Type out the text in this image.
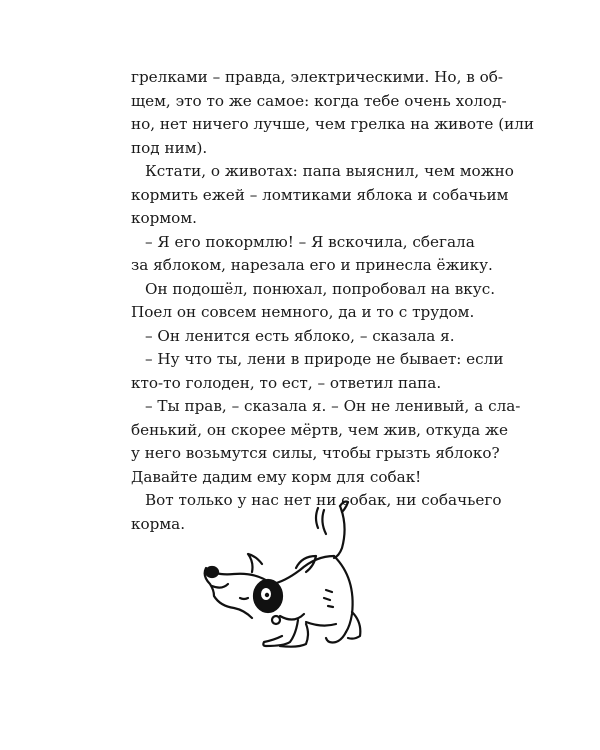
грелками – правда, электрическими. Но, в об-
щем, это то же самое: когда тебе очень холод-
но, нет ничего лучше, чем грелка на животе (или
под ним).

Кстати, о животах: папа выяснил, чем можно
кормить ежей – ломтиками яблока и собачьим
кормом.

– Я его покормлю! – Я вскочила, сбегала
за яблоком, нарезала его и принесла ёжику.

Он подошёл, понюхал, попробовал на вкус.
Поел он совсем немного, да и то с трудом.

– Он ленится есть яблоко, – сказала я.

– Ну что ты, лени в природе не бывает: если
кто-то голоден, то ест, – ответил папа.

– Ты прав, – сказала я. – Он не ленивый, а сла-
бенький, он скорее мёртв, чем жив, откуда же
у него возьмутся силы, чтобы грызть яблоко?
Давайте дадим ему корм для собак!

Вот только у нас нет ни собак, ни собачьего
корма.
